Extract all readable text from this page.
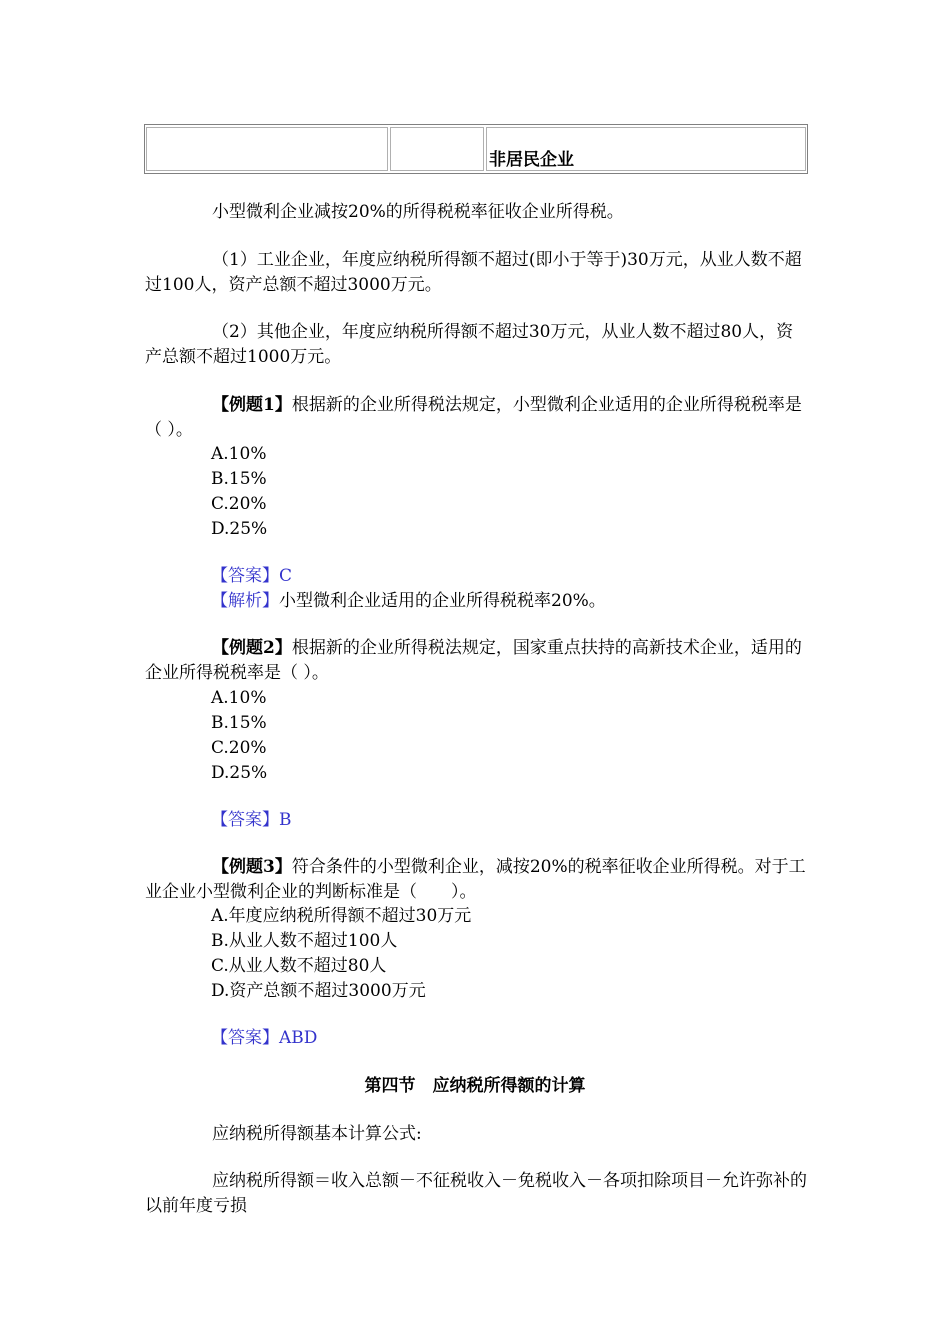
非居民企业

小型微利企业减按20%的所得税税率征收企业所得税。

（1）工业企业，年度应纳税所得额不超过(即小于等于)30万元，从业人数不超过100人，资产总额不超过3000万元。

（2）其他企业，年度应纳税所得额不超过30万元，从业人数不超过80人，资产总额不超过1000万元。

【例题1】根据新的企业所得税法规定，小型微利企业适用的企业所得税税率是（ ）。

A.10%
B.15%
C.20%
D.25%
【答案】C
【解析】小型微利企业适用的企业所得税税率20%。

【例题2】根据新的企业所得税法规定，国家重点扶持的高新技术企业，适用的企业所得税税率是（ ）。

A.10%
B.15%
C.20%
D.25%
【答案】B

【例题3】符合条件的小型微利企业，减按20%的税率征收企业所得税。对于工业企业小型微利企业的判断标准是（　　）。

A.年度应纳税所得额不超过30万元
B.从业人数不超过100人
C.从业人数不超过80人
D.资产总额不超过3000万元
【答案】ABD
第四节　应纳税所得额的计算

应纳税所得额基本计算公式:

应纳税所得额＝收入总额－不征税收入－免税收入－各项扣除项目－允许弥补的以前年度亏损
